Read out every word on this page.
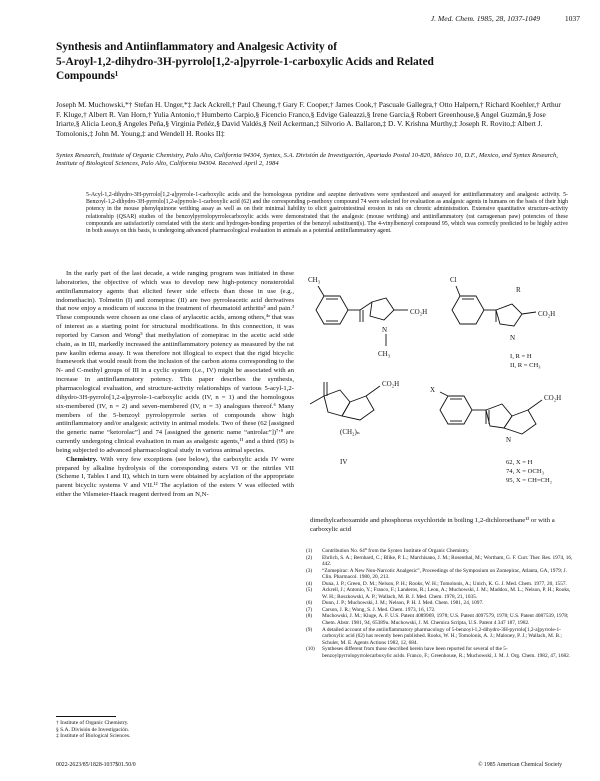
J. Med. Chem. 1985, 28, 1037-1049	1037
Synthesis and Antiinflammatory and Analgesic Activity of
5-Aroyl-1,2-dihydro-3H-pyrrolo[1,2-a]pyrrole-1-carboxylic Acids and Related
Compounds¹
Joseph M. Muchowski,*† Stefan H. Unger,*‡ Jack Ackrell,† Paul Cheung,† Gary F. Cooper,† James Cook,† Pascuale Gallegra,† Otto Halpern,† Richard Koehler,† Arthur F. Kluge,† Albert R. Van Horn,† Yulia Antonio,† Humberto Carpio,§ Ficencio Franco,§ Edvige Galeazzi,§ Irene Garcia,§ Robert Greenhouse,§ Angel Guzmán,§ Jose Iriarte,§ Alicia Leon,§ Angeles Peña,§ Virginia Peñéz,§ David Valdés,§ Neil Ackerman,‡ Silvorio A. Ballaron,‡ D. V. Krishna Murthy,‡ Joseph R. Rovito,‡ Albert J. Tomolonis,‡ John M. Young,‡ and Wendell H. Rooks II‡
Syntex Research, Institute of Organic Chemistry, Palo Alto, California 94304, Syntex, S.A. División de Investigación, Apartado Postal 10-820, México 10, D.F., Mexico, and Syntex Research, Institute of Biological Sciences, Palo Alto, California 94304. Received April 2, 1984
5-Acyl-1,2-dihydro-3H-pyrrolo[1,2-a]pyrrole-1-carboxylic acids and the homologous pyridine and azepine derivatives were synthesized and assayed for antiinflammatory and analgesic activity. 5-Benzoyl-1,2-dihydro-3H-pyrrolo[1,2-a]pyrrole-1-carboxylic acid (62) and the corresponding p-methoxy compound 74 were selected for evaluation as analgesic agents in humans on the basis of their high potency in the mouse phenylquinone writhing assay as well as on their minimal liability to elicit gastrointestinal erosion in rats on chronic administration. Extensive quantitative structure-activity relationship (QSAR) studies of the benzoylpyrrolopyrrolecarboxylic acids were demonstrated that the analgesic (mouse writhing) and antiinflammatory (rat carrageenan paw) potencies of these compounds are satisfactorily correlated with the steric and hydrogen-bonding properties of the benzoyl substituent(s). The 4-vinylbenzoyl compound 95, which was correctly predicted to be highly active in both assays on this basis, is undergoing advanced pharmacological evaluation in animals as a potential antiinflammatory agent.

In the early part of the last decade, a wide ranging program was initiated in these laboratories, the objective of which was to develop new high-potency nonsteroidal antiinflammatory agents that elicited fewer side effects than those in use (e.g., indomethacin). Tolmetin (I) and zomepirac (II) are two pyrroleacetic acid derivatives that now enjoy a modicum of success in the treatment of rheumatoid arthritis² and pain.³ These compounds were chosen as one class of arylacetic acids, among others,⁴ᵃ that was of interest as a starting point for structural modifications. In this connection, it was reported by Carson and Wong⁵ that methylation of zomepirac in the acetic acid side chain, as in III, markedly increased the antiinflammatory potency as measured by the rat paw kaolin edema assay. It was therefore not illogical to expect that the rigid bicyclic framework that would result from the inclusion of the carbon atoms corresponding to the N- and C-methyl groups of III in a cyclic system (i.e., IV) might be associated with an increase in antiinflammatory potency. This paper describes the synthesis, pharmacological evaluation, and structure-activity relationships of various 5-acyl-1,2-dihydro-3H-pyrrolo[1,2-a]pyrrole-1-carboxylic acids (IV, n = 1) and the homologous six-membered (IV, n = 2) and seven-membered (IV, n = 3) analogues thereof.⁶ Many members of the 5-benzoyl pyrrolopyrrole series of compounds show high antiinflammatory and/or analgesic activity in animal models. Two of these (62 [assigned the generic name “ketorolac”] and 74 [assigned the generic name “anirolac”])⁷ʼ⁸ are currently undergoing clinical evaluation in man as analgesic agents,¹¹ and a third (95) is being subjected to advanced pharmacological study in various animal species.

Chemistry. With very few exceptions (see below), the carboxylic acids IV were prepared by alkaline hydrolysis of the corresponding esters VI or the nitriles VII (Scheme I, Tables I and II), which in turn were obtained by acylation of the appropriate parent bicyclic systems V and VII.¹² The acylation of the esters V was effected with either the Vilsmeier-Haack reagent derived from an N,N-

† Institute of Organic Chemistry.
§ S.A. División de Investigación.
‡ Institute of Biological Sciences.
CH₃
N
CH₃
CO₂H
Cl
N
CO₂H
R
I, R = H
II, R = CH₃
(CH₂)ₙ
CO₂H
IV
X
N
CO₂H
62, X = H
74, X = OCH₃
95, X = CH=CH₂
dimethylcarboxamide and phosphorus oxychloride in boiling 1,2-dichloroethane¹³ or with a carboxylic acid
(1)	Contribution No. 64⁰ from the Syntex Institute of Organic Chemistry.
(2)	Ehrlich, S. A.; Bernhard, C.; Blike, P. L.; Marchisano, J. M.; Rosenthal, M.; Wortham, G. F. Curr. Ther. Res. 1974, 16, 442.
(3)	“Zomepirac: A New Non-Narcotic Analgesic”, Proceedings of the Symposium on Zomepirac, Atlanta, GA, 1979; J. Clin. Pharmacol. 1980, 20, 213.
(4)	Duna, J. P.; Green, D. M.; Nelson, P. H.; Rooks, W. H.; Tomolonis, A.; Unich, K. G. J. Med. Chem. 1977, 20, 1557.
(5)	Ackrell, J.; Antonio, Y.; Franco, F.; Landeros, R.; Leon, A.; Muchowski, J. M.; Maddox, M. L.; Nelson, P. H.; Rooks, W. H.; Roszkowski, A. P.; Wallach, M. B. J. Med. Chem. 1978, 21, 1035.
(6)	Dunn, J. P.; Muchowski, J. M.; Nelson, P. H. J. Med. Chem. 1981, 24, 1097.
(7)	Carson, J. R.; Wong, S. J. Med. Chem. 1973, 16, 172.
(8)	Muchowski, J. M.; Kluge, A. F. U.S. Patent 4089969, 1978; U.S. Patent 4097579, 1978; U.S. Patent 4087539, 1978; Chem. Abstr. 1981, 94, 65389u. Muchowski, J. M. Chemica Scripta, U.S. Patent 4 347 187, 1982.
(9)	A detailed account of the antiinflammatory pharmacology of 5-benzoyl-1,2-dihydro-3H-pyrrolo[1,2-a]pyrrole-1-carboxylic acid (62) has recently been published. Rooks, W. H.; Tomolonis, A. J.; Maloney, P. J.; Wallach, M. B.; Schuler, M. E. Agents Actions 1982, 12, 684.
(10)	Syntheses different from those described herein have been reported for several of the 5-benzoylpyrrolopyrrolecarboxylic acids. Franco, F.; Greenhouse, R.; Muchowski, J. M. J. Org. Chem. 1982, 47, 1682.
0022-2623/85/1828-1037$01.50/0	© 1985 American Chemical Society
